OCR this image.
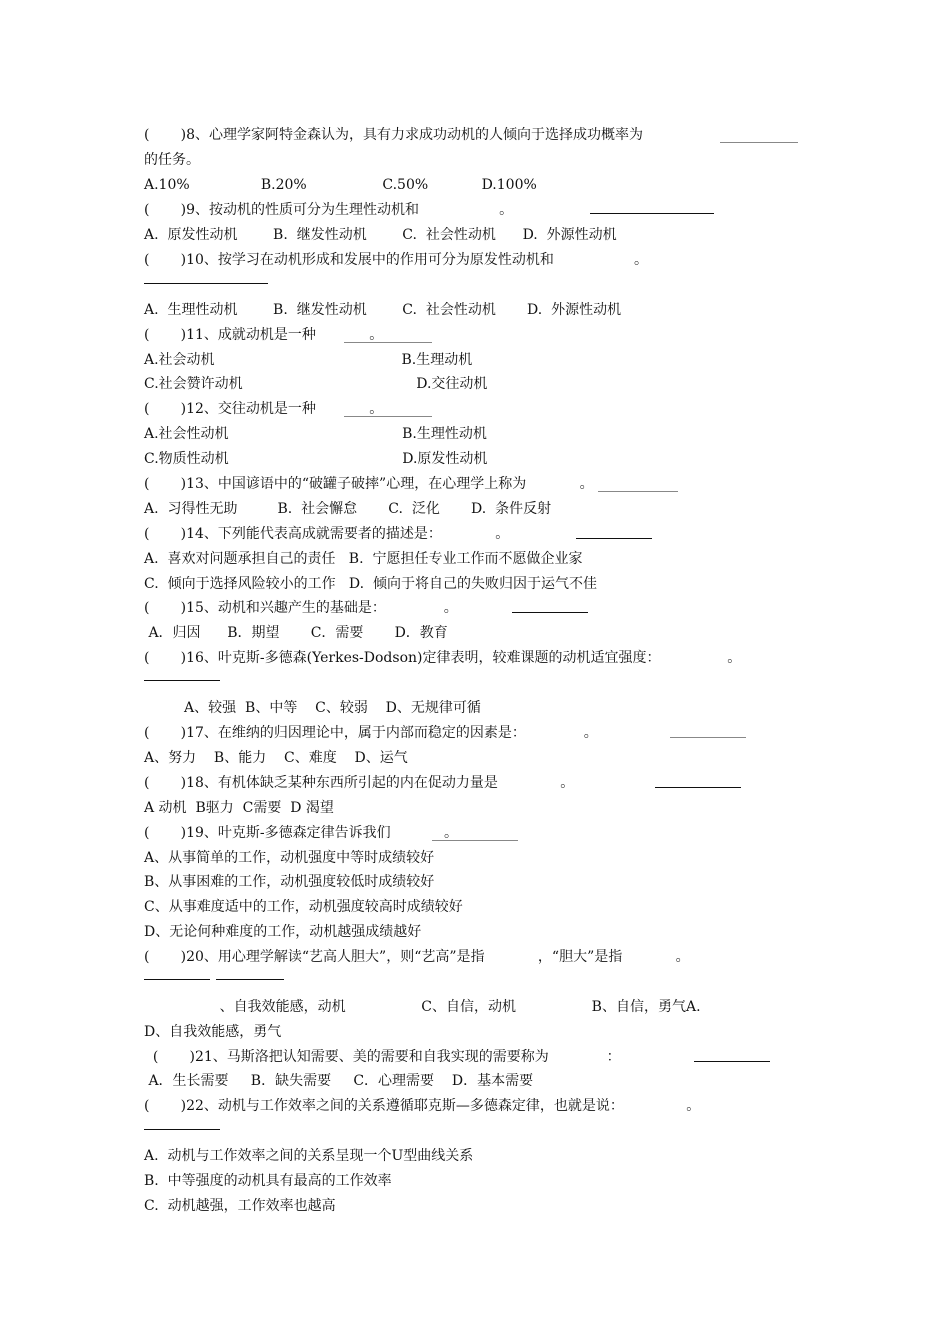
(       )8、心理学家阿特金森认为，具有力求成功动机的人倾向于选择成功概率为
的任务。
A.10%                B.20%                 C.50%            D.100%
(       )9、按动机的性质可分为生理性动机和                  。
A.  原发性动机        B.  继发性动机        C.  社会性动机      D.  外源性动机
(       )10、按学习在动机形成和发展中的作用可分为原发性动机和                  。
A.  生理性动机        B.  继发性动机        C.  社会性动机       D.  外源性动机
(       )11、成就动机是一种            。
A.社会动机                                          B.生理动机
C.社会赞许动机                                       D.交往动机
(       )12、交往动机是一种            。
A.社会性动机                                       B.生理性动机
C.物质性动机                                       D.原发性动机
(       )13、中国谚语中的“破罐子破摔”心理，在心理学上称为            。
A.  习得性无助         B.  社会懈怠       C.  泛化       D.  条件反射
(       )14、下列能代表高成就需要者的描述是：            。
A.  喜欢对问题承担自己的责任   B.  宁愿担任专业工作而不愿做企业家
C.  倾向于选择风险较小的工作   D.  倾向于将自己的失败归因于运气不佳
(       )15、动机和兴趣产生的基础是：             。
A．归因      B．期望       C．需要       D．教育
(       )16、叶克斯-多德森(Yerkes-Dodson)定律表明，较难课题的动机适宜强度：               。
A、较强  B、中等    C、较弱    D、无规律可循
(       )17、在维纳的归因理论中，属于内部而稳定的因素是：             。
A、努力    B、能力    C、难度    D、运气
(       )18、有机体缺乏某种东西所引起的内在促动力量是              。
A 动机  B驱力  C需要  D 渴望
(       )19、叶克斯-多德森定律告诉我们            。
A、从事简单的工作，动机强度中等时成绩较好
B、从事困难的工作，动机强度较低时成绩较好
C、从事难度适中的工作，动机强度较高时成绩较好
D、无论何种难度的工作，动机越强成绩越好
(       )20、用心理学解读“艺高人胆大”，则“艺高”是指            ，“胆大”是指            。
、自我效能感，动机                 C、自信，动机                 B、自信，勇气A.
D、自我效能感，勇气
(       )21、马斯洛把认知需要、美的需要和自我实现的需要称为             ：
A．生长需要     B．缺失需要     C．心理需要    D．基本需要
(       )22、动机与工作效率之间的关系遵循耶克斯—多德森定律，也就是说：              。
A.  动机与工作效率之间的关系呈现一个U型曲线关系
B.  中等强度的动机具有最高的工作效率
C.  动机越强，工作效率也越高
